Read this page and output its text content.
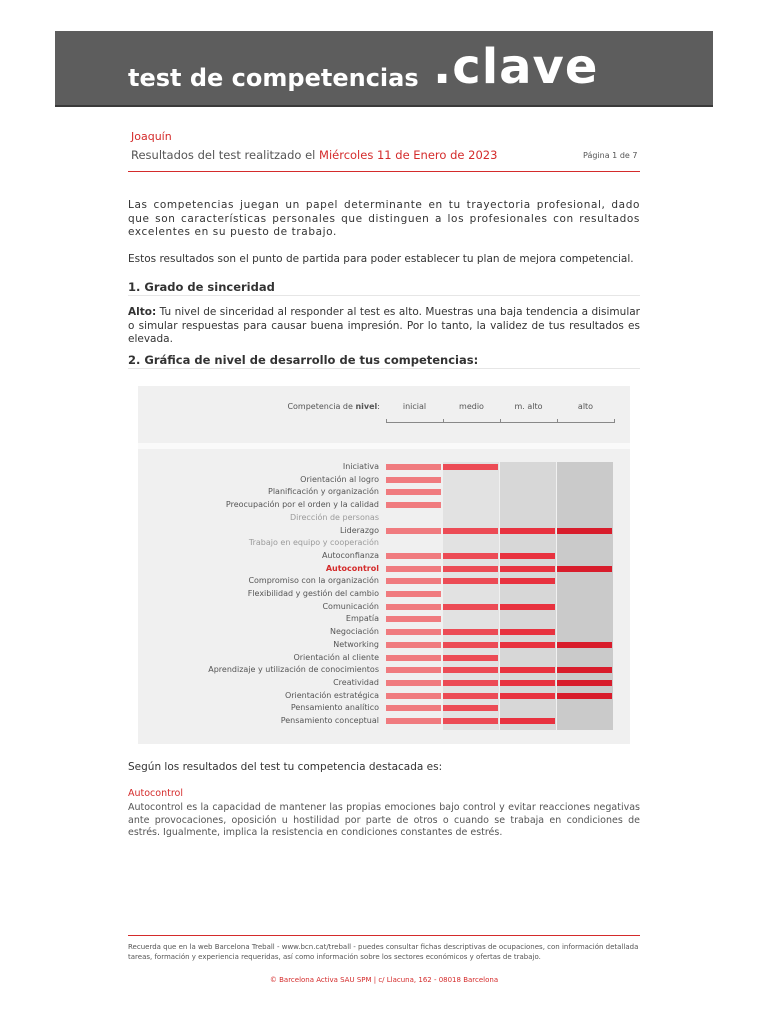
test de competencias .clave
Joaquín
Resultados del test realitzado el Miércoles 11 de Enero de 2023	Página 1 de 7
Las competencias juegan un papel determinante en tu trayectoria profesional, dado que son características personales que distinguen a los profesionales con resultados excelentes en su puesto de trabajo.
Estos resultados son el punto de partida para poder establecer tu plan de mejora competencial.
1. Grado de sinceridad
Alto: Tu nivel de sinceridad al responder al test es alto. Muestras una baja tendencia a disimular o simular respuestas para causar buena impresión. Por lo tanto, la validez de tus resultados es elevada.
2. Gráfica de nivel de desarrollo de tus competencias:
Competencia de nivel:	inicial	medio	m. alto	alto
Iniciativa
Orientación al logro
Planificación y organización
Preocupación por el orden y la calidad
Dirección de personas
Liderazgo
Trabajo en equipo y cooperación
Autoconfianza
Autocontrol
Compromiso con la organización
Flexibilidad y gestión del cambio
Comunicación
Empatía
Negociación
Networking
Orientación al cliente
Aprendizaje y utilización de conocimientos
Creatividad
Orientación estratégica
Pensamiento analítico
Pensamiento conceptual
Según los resultados del test tu competencia destacada es:
Autocontrol
Autocontrol es la capacidad de mantener las propias emociones bajo control y evitar reacciones negativas ante provocaciones, oposición u hostilidad por parte de otros o cuando se trabaja en condiciones de estrés. Igualmente, implica la resistencia en condiciones constantes de estrés.
Recuerda que en la web Barcelona Treball - www.bcn.cat/treball - puedes consultar fichas descriptivas de ocupaciones, con información detallada tareas, formación y experiencia requeridas, así como información sobre los sectores económicos y ofertas de trabajo.
© Barcelona Activa SAU SPM | c/ Llacuna, 162 - 08018 Barcelona
